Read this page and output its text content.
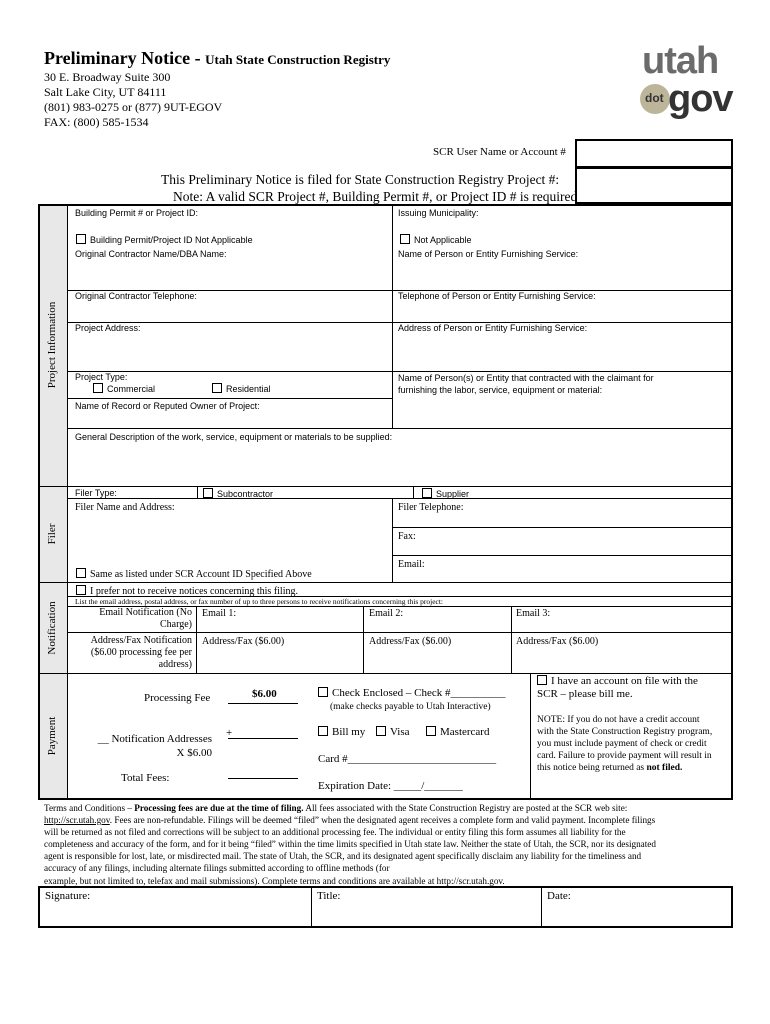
Preliminary Notice - Utah State Construction Registry
30 E. Broadway Suite 300
Salt Lake City, UT 84111
(801) 983-0275 or (877) 9UT-EGOV
FAX: (800) 585-1534
utah
dot gov
SCR User Name or Account #
This Preliminary Notice is filed for State Construction Registry Project #:
Note: A valid SCR Project #, Building Permit #, or Project ID # is required
Project Information
Filer
Notification
Payment
Building Permit # or Project ID:	Issuing Municipality:
Building Permit/Project ID Not Applicable	Not Applicable
Original Contractor Name/DBA Name:	Name of Person or Entity Furnishing Service:
Original Contractor Telephone:	Telephone of Person or Entity Furnishing Service:
Project Address:	Address of Person or Entity Furnishing Service:
Project Type:
Commercial	Residential
Name of Person(s) or Entity that contracted with the claimant for
furnishing the labor, service, equipment or material:
Name of Record or Reputed Owner of Project:
General Description of the work, service, equipment or materials to be supplied:
Filer Type:	Subcontractor	Supplier
Filer Name and Address:	Filer Telephone:
Fax:
Email:
Same as listed under SCR Account ID Specified Above
I prefer not to receive notices concerning this filing.
List the email address, postal address, or fax number of up to three persons to receive notifications concerning this project:
Email Notification (No
Charge)
Email 1:	Email 2:	Email 3:
Address/Fax Notification
($6.00 processing fee per
address)
Address/Fax ($6.00)	Address/Fax ($6.00)	Address/Fax ($6.00)
Processing Fee	$6.00
__ Notification Addresses
X $6.00
+
Total Fees:
Check Enclosed – Check #__________
(make checks payable to Utah Interactive)
Bill my	Visa	Mastercard
Card #___________________________
Expiration Date: _____/_______
I have an account on file with the
SCR – please bill me.
NOTE: If you do not have a credit account
with the State Construction Registry program,
you must include payment of check or credit
card. Failure to provide payment will result in
this notice being returned as not filed.
Terms and Conditions – Processing fees are due at the time of filing. All fees associated with the State Construction Registry are posted at the SCR web site:
http://scr.utah.gov. Fees are non-refundable. Filings will be deemed “filed” when the designated agent receives a complete form and valid payment. Incomplete filings
will be returned as not filed and corrections will be subject to an additional processing fee. The individual or entity filing this form assumes all liability for the
completeness and accuracy of the form, and for it being “filed” within the time limits specified in Utah state law. Neither the state of Utah, the SCR, nor its designated
agent is responsible for lost, late, or misdirected mail. The state of Utah, the SCR, and its designated agent specifically disclaim any liability for the timeliness and
accuracy of any filings, including alternate filings submitted according to offline methods (for
example, but not limited to, telefax and mail submissions). Complete terms and conditions are available at http://scr.utah.gov.
Signature:	Title:	Date:
